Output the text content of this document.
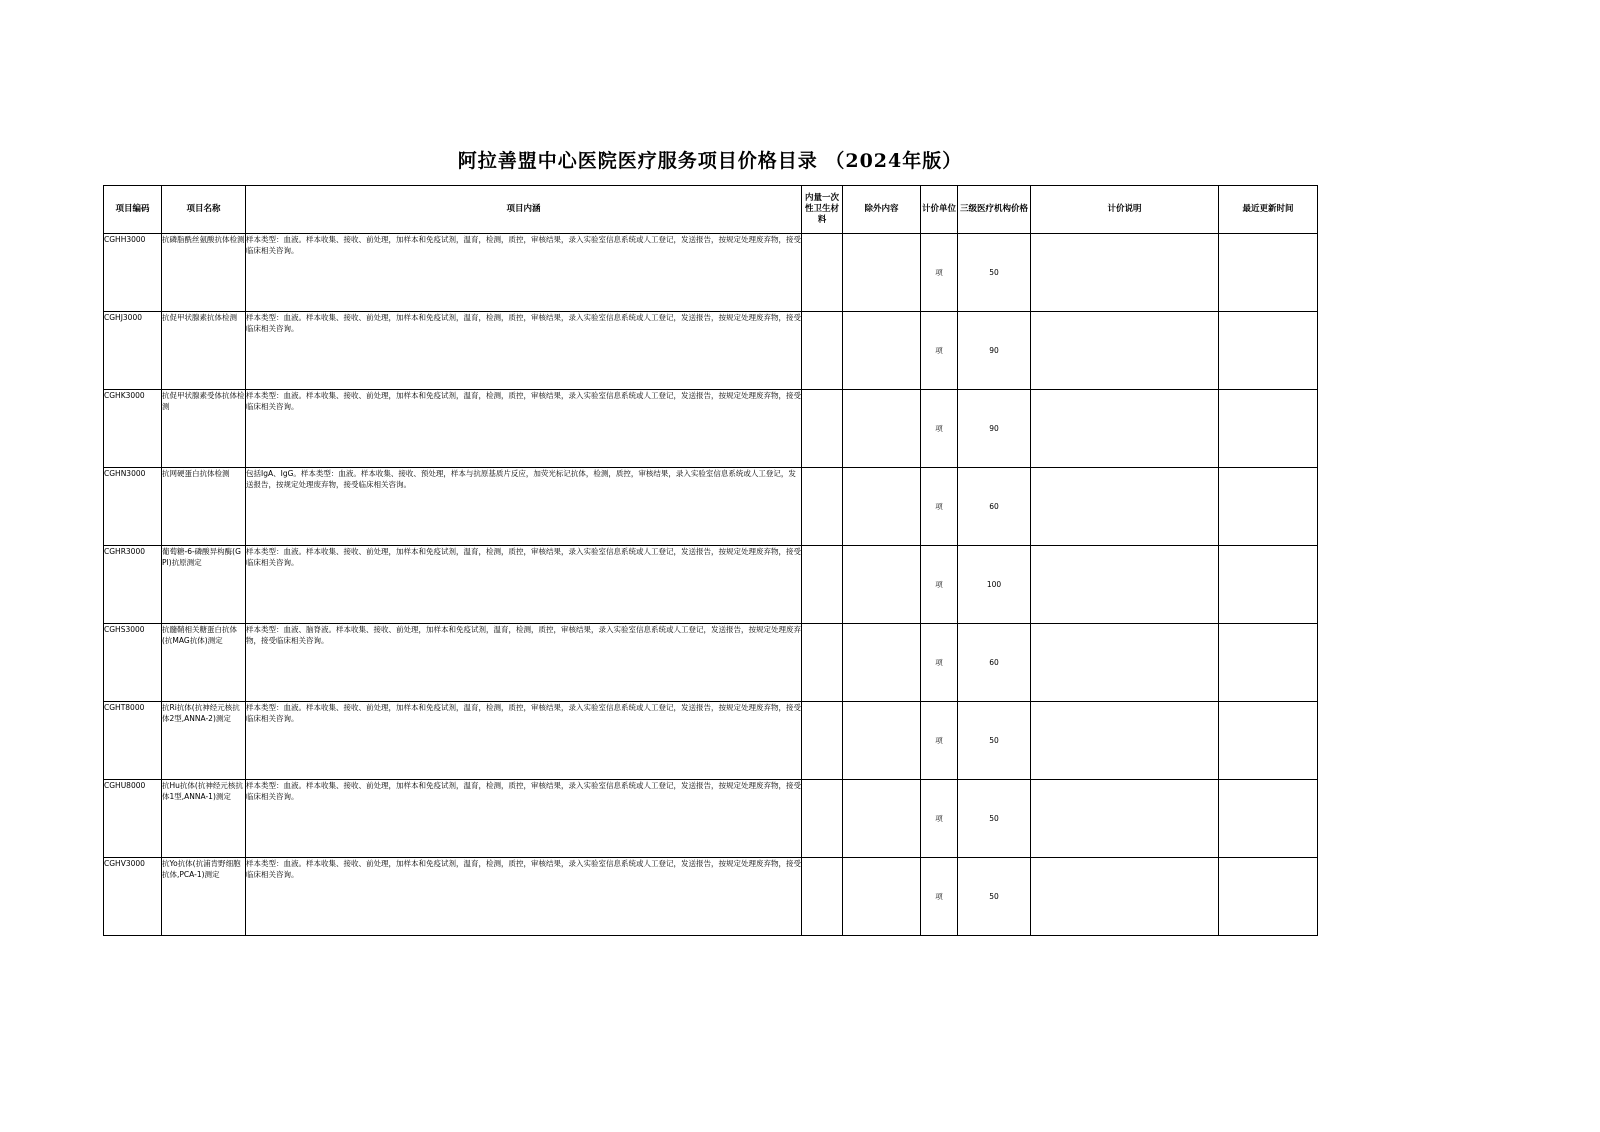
阿拉善盟中心医院医疗服务项目价格目录 （2024年版）
项目编码	项目名称	项目内涵	内量一次性卫生材料	除外内容	计价单位	三级医疗机构价格	计价说明	最近更新时间
CGHH3000	抗磷脂酰丝氨酸抗体检测	样本类型：血液。样本收集、接收、前处理，加样本和免疫试剂，温育，检测，质控，审核结果，录入实验室信息系统或人工登记，发送报告，按规定处理废弃物，接受临床相关咨询。			项	50		
CGHJ3000	抗促甲状腺素抗体检测	样本类型：血液。样本收集、接收、前处理，加样本和免疫试剂，温育，检测，质控，审核结果，录入实验室信息系统或人工登记，发送报告，按规定处理废弃物，接受临床相关咨询。			项	90		
CGHK3000	抗促甲状腺素受体抗体检测	样本类型：血液。样本收集、接收、前处理，加样本和免疫试剂，温育，检测，质控，审核结果，录入实验室信息系统或人工登记，发送报告，按规定处理废弃物，接受临床相关咨询。			项	90		
CGHN3000	抗网硬蛋白抗体检测	包括IgA、IgG。样本类型：血液。样本收集、接收、预处理，样本与抗原基质片反应，加荧光标记抗体，检测，质控，审核结果，录入实验室信息系统或人工登记，发送报告，按规定处理废弃物，接受临床相关咨询。			项	60		
CGHR3000	葡萄糖-6-磷酸异构酶(GPI)抗原测定	样本类型：血液。样本收集、接收、前处理，加样本和免疫试剂，温育，检测，质控，审核结果，录入实验室信息系统或人工登记，发送报告，按规定处理废弃物，接受临床相关咨询。			项	100		
CGHS3000	抗髓鞘相关糖蛋白抗体(抗MAG抗体)测定	样本类型：血液、脑脊液。样本收集、接收、前处理，加样本和免疫试剂，温育，检测，质控，审核结果，录入实验室信息系统或人工登记，发送报告，按规定处理废弃物，接受临床相关咨询。			项	60		
CGHT8000	抗Ri抗体(抗神经元核抗体2型,ANNA-2)测定	样本类型：血液。样本收集、接收、前处理，加样本和免疫试剂，温育，检测，质控，审核结果，录入实验室信息系统或人工登记，发送报告，按规定处理废弃物，接受临床相关咨询。			项	50		
CGHU8000	抗Hu抗体(抗神经元核抗体1型,ANNA-1)测定	样本类型：血液。样本收集、接收、前处理，加样本和免疫试剂，温育，检测，质控，审核结果，录入实验室信息系统或人工登记，发送报告，按规定处理废弃物，接受临床相关咨询。			项	50		
CGHV3000	抗Yo抗体(抗浦肯野细胞抗体,PCA-1)测定	样本类型：血液。样本收集、接收、前处理，加样本和免疫试剂，温育，检测，质控，审核结果，录入实验室信息系统或人工登记，发送报告，按规定处理废弃物，接受临床相关咨询。			项	50		
